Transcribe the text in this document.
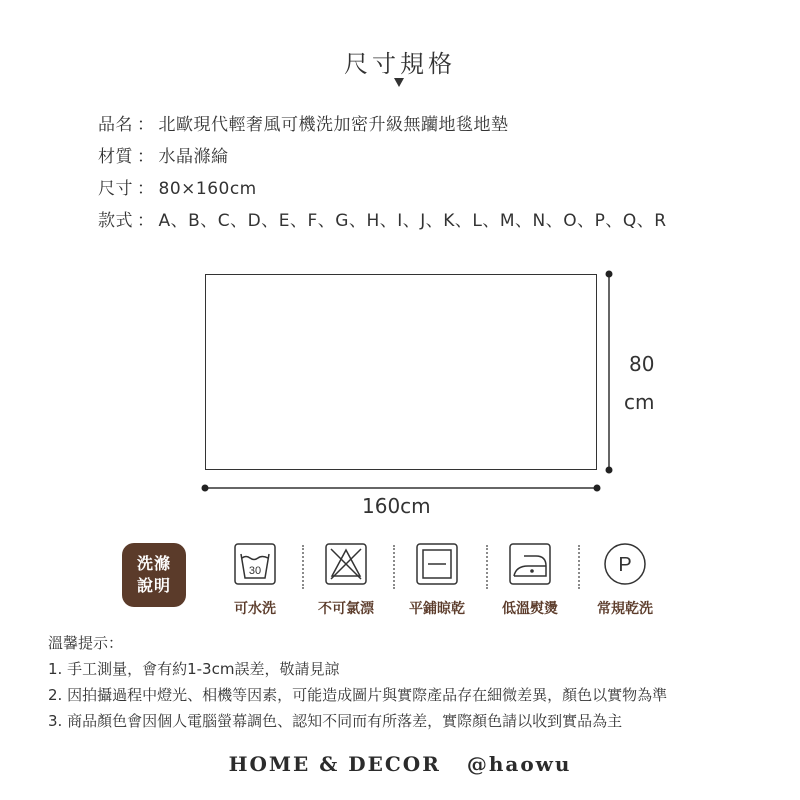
尺寸規格
品名 ： 北歐現代輕奢風可機洗加密升級無躪地毯地墊
材質 ： 水晶滌綸
尺寸 ： 80×160cm
款式 ： A、B、C、D、E、F、G、H、I、J、K、L、M、N、O、P、Q、R
80
cm
160cm
洗滌
說明
30
可水洗	不可氯漂	平鋪晾乾	低溫熨燙
P
常規乾洗
溫馨提示：
1. 手工測量，會有約1-3cm誤差，敬請見諒
2. 因拍攝過程中燈光、相機等因素，可能造成圖片與實際產品存在細微差異，顏色以實物為準
3. 商品顏色會因個人電腦螢幕調色、認知不同而有所落差，實際顏色請以收到實品為主
HOME & DECOR @haowu
